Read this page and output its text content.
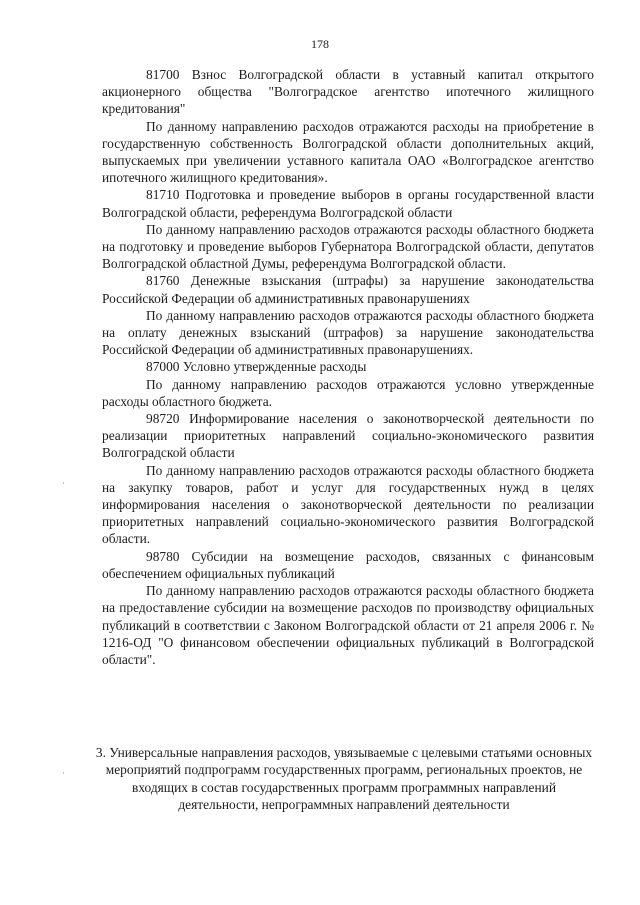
178

81700 Взнос Волгоградской области в уставный капитал открытого акционерного общества "Волгоградское агентство ипотечного жилищного кредитования"

По данному направлению расходов отражаются расходы на приобретение в государственную собственность Волгоградской области дополнительных акций, выпускаемых при увеличении уставного капитала ОАО «Волгоградское агентство ипотечного жилищного кредитования».

81710 Подготовка и проведение выборов в органы государственной власти Волгоградской области, референдума Волгоградской области

По данному направлению расходов отражаются расходы областного бюджета на подготовку и проведение выборов Губернатора Волгоградской области, депутатов Волгоградской областной Думы, референдума Волгоградской области.

81760 Денежные взыскания (штрафы) за нарушение законодательства Российской Федерации об административных правонарушениях

По данному направлению расходов отражаются расходы областного бюджета на оплату денежных взысканий (штрафов) за нарушение законодательства Российской Федерации об административных правонарушениях.

87000 Условно утвержденные расходы

По данному направлению расходов отражаются условно утвержденные расходы областного бюджета.

98720 Информирование населения о законотворческой деятельности по реализации приоритетных направлений социально-экономического развития Волгоградской области

По данному направлению расходов отражаются расходы областного бюджета на закупку товаров, работ и услуг для государственных нужд в целях информирования населения о законотворческой деятельности по реализации приоритетных направлений социально-экономического развития Волгоградской области.

98780 Субсидии на возмещение расходов, связанных с финансовым обеспечением официальных публикаций

По данному направлению расходов отражаются расходы областного бюджета на предоставление субсидии на возмещение расходов по производству официальных публикаций в соответствии с Законом Волгоградской области от 21 апреля 2006 г. № 1216-ОД "О финансовом обеспечении официальных публикаций в Волгоградской области".

3. Универсальные направления расходов, увязываемые с целевыми статьями основных мероприятий подпрограмм государственных программ, региональных проектов, не входящих в состав государственных программ программных направлений деятельности, непрограммных направлений деятельности

·
·
